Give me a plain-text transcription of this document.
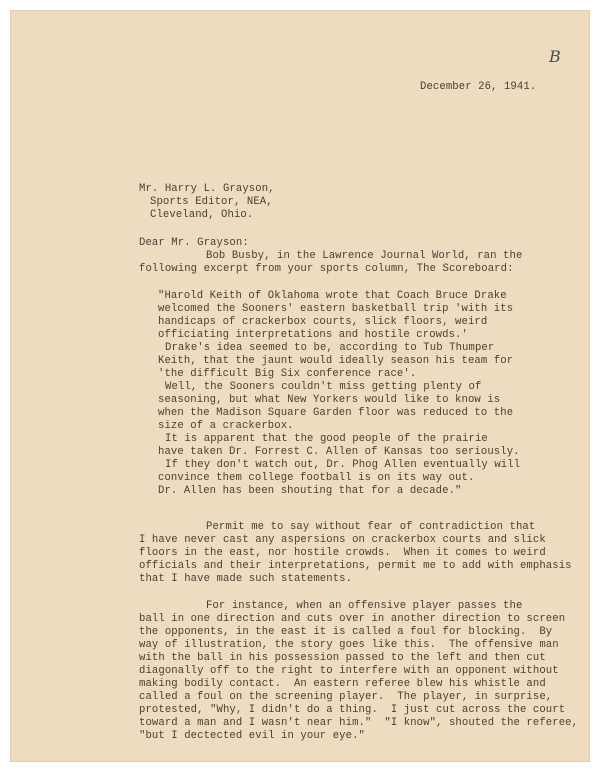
B
December 26, 1941.
Mr. Harry L. Grayson,
Sports Editor, NEA,
Cleveland, Ohio.
Dear Mr. Grayson:
Bob Busby, in the Lawrence Journal World, ran the
following excerpt from your sports column, The Scoreboard:
"Harold Keith of Oklahoma wrote that Coach Bruce Drake
welcomed the Sooners' eastern basketball trip 'with its
handicaps of crackerbox courts, slick floors, weird
officiating interpretations and hostile crowds.'
Drake's idea seemed to be, according to Tub Thumper
Keith, that the jaunt would ideally season his team for
'the difficult Big Six conference race'.
Well, the Sooners couldn't miss getting plenty of
seasoning, but what New Yorkers would like to know is
when the Madison Square Garden floor was reduced to the
size of a crackerbox.
It is apparent that the good people of the prairie
have taken Dr. Forrest C. Allen of Kansas too seriously.
If they don't watch out, Dr. Phog Allen eventually will
convince them college football is on its way out.
Dr. Allen has been shouting that for a decade."
Permit me to say without fear of contradiction that
I have never cast any aspersions on crackerbox courts and slick
floors in the east, nor hostile crowds.  When it comes to weird
officials and their interpretations, permit me to add with emphasis
that I have made such statements.
For instance, when an offensive player passes the
ball in one direction and cuts over in another direction to screen
the opponents, in the east it is called a foul for blocking.  By
way of illustration, the story goes like this.  The offensive man
with the ball in his possession passed to the left and then cut
diagonally off to the right to interfere with an opponent without
making bodily contact.  An eastern referee blew his whistle and
called a foul on the screening player.  The player, in surprise,
protested, "Why, I didn't do a thing.  I just cut across the court
toward a man and I wasn't near him."  "I know", shouted the referee,
"but I dectected evil in your eye."
